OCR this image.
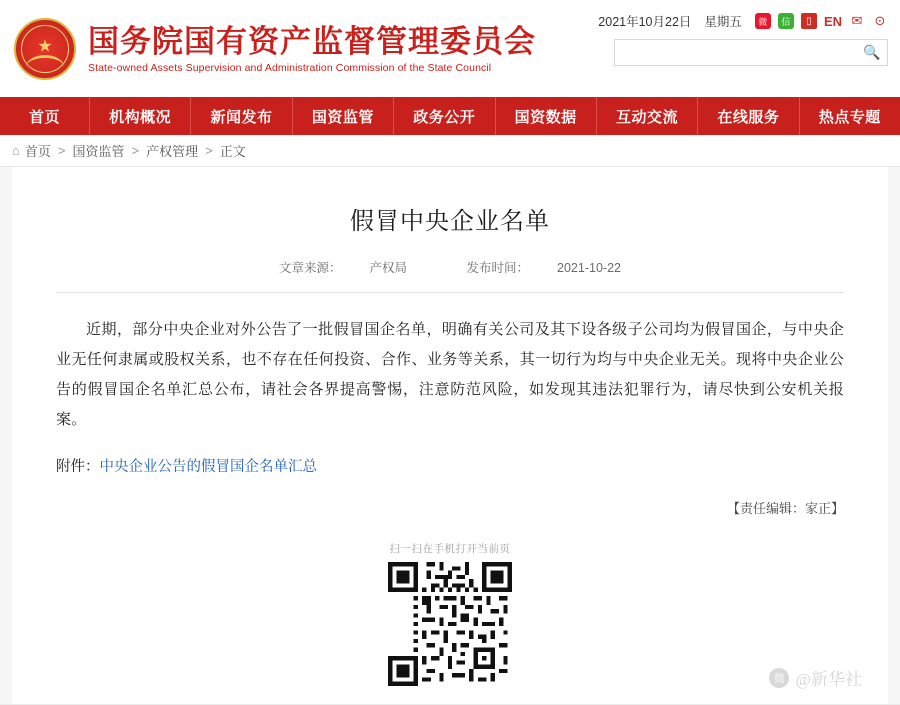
★ 国务院国有资产监督管理委员会
State-owned Assets Supervision and Administration Commission of the State Council
2021年10月22日 星期五	微	信	▯ EN ✉ ⊙
🔍
首页	机构概况	新闻发布	国资监管	政务公开	国资数据	互动交流	在线服务	热点专题
⌂ 首页 > 国资监管 > 产权管理 > 正文
假冒中央企业名单
文章来源： 产权局	发布时间： 2021-10-22

近期，部分中央企业对外公告了一批假冒国企名单，明确有关公司及其下设各级子公司均为假冒国企，与中央企业无任何隶属或股权关系，也不存在任何投资、合作、业务等关系，其一切行为均与中央企业无关。现将中央企业公告的假冒国企名单汇总公布，请社会各界提高警惕，注意防范风险，如发现其违法犯罪行为，请尽快到公安机关报案。

附件：中央企业公告的假冒国企名单汇总
【责任编辑：家正】
扫一扫在手机打开当前页
微 @新华社
